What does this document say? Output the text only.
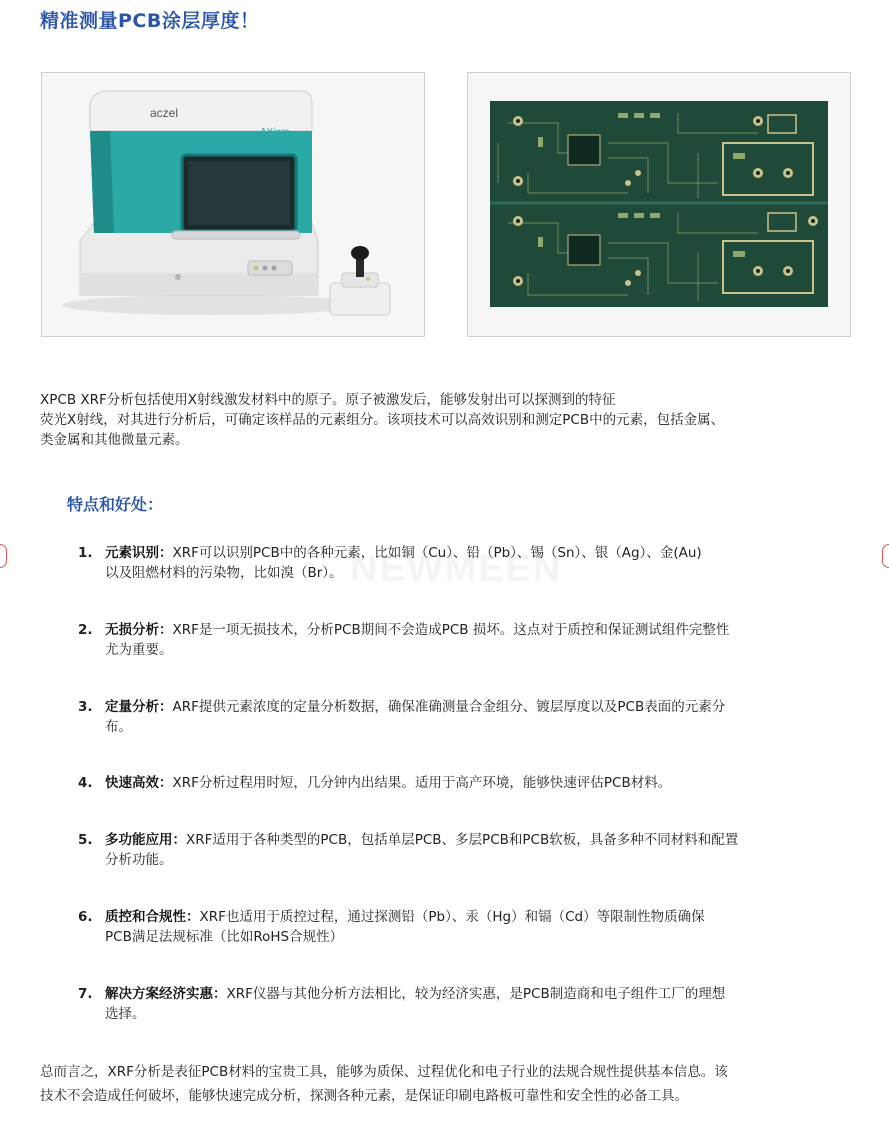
精准测量PCB涂层厚度！
aczel
AXiom

XPCB XRF分析包括使用X射线激发材料中的原子。原子被激发后，能够发射出可以探测到的特征

荧光X射线，对其进行分析后，可确定该样品的元素组分。该项技术可以高效识别和测定PCB中的元素，包括金属、

类金属和其他微量元素。

特点和好处：
1. 元素识别：XRF可以识别PCB中的各种元素，比如铜（Cu）、铅（Pb）、锡（Sn）、银（Ag）、金(Au)
以及阻燃材料的污染物，比如溴（Br）。
2. 无损分析：XRF是一项无损技术，分析PCB期间不会造成PCB 损坏。这点对于质控和保证测试组件完整性
尤为重要。
3. 定量分析：ARF提供元素浓度的定量分析数据，确保准确测量合金组分、镀层厚度以及PCB表面的元素分
布。
4. 快速高效：XRF分析过程用时短，几分钟内出结果。适用于高产环境，能够快速评估PCB材料。
5. 多功能应用：XRF适用于各种类型的PCB，包括单层PCB、多层PCB和PCB软板，具备多种不同材料和配置
分析功能。
6. 质控和合规性：XRF也适用于质控过程，通过探测铅（Pb）、汞（Hg）和镉（Cd）等限制性物质确保
PCB满足法规标准（比如RoHS合规性）
7. 解决方案经济实惠：XRF仪器与其他分析方法相比，较为经济实惠，是PCB制造商和电子组件工厂的理想
选择。
总而言之，XRF分析是表征PCB材料的宝贵工具，能够为质保、过程优化和电子行业的法规合规性提供基本信息。该
技术不会造成任何破坏，能够快速完成分析，探测各种元素，是保证印刷电路板可靠性和安全性的必备工具。
